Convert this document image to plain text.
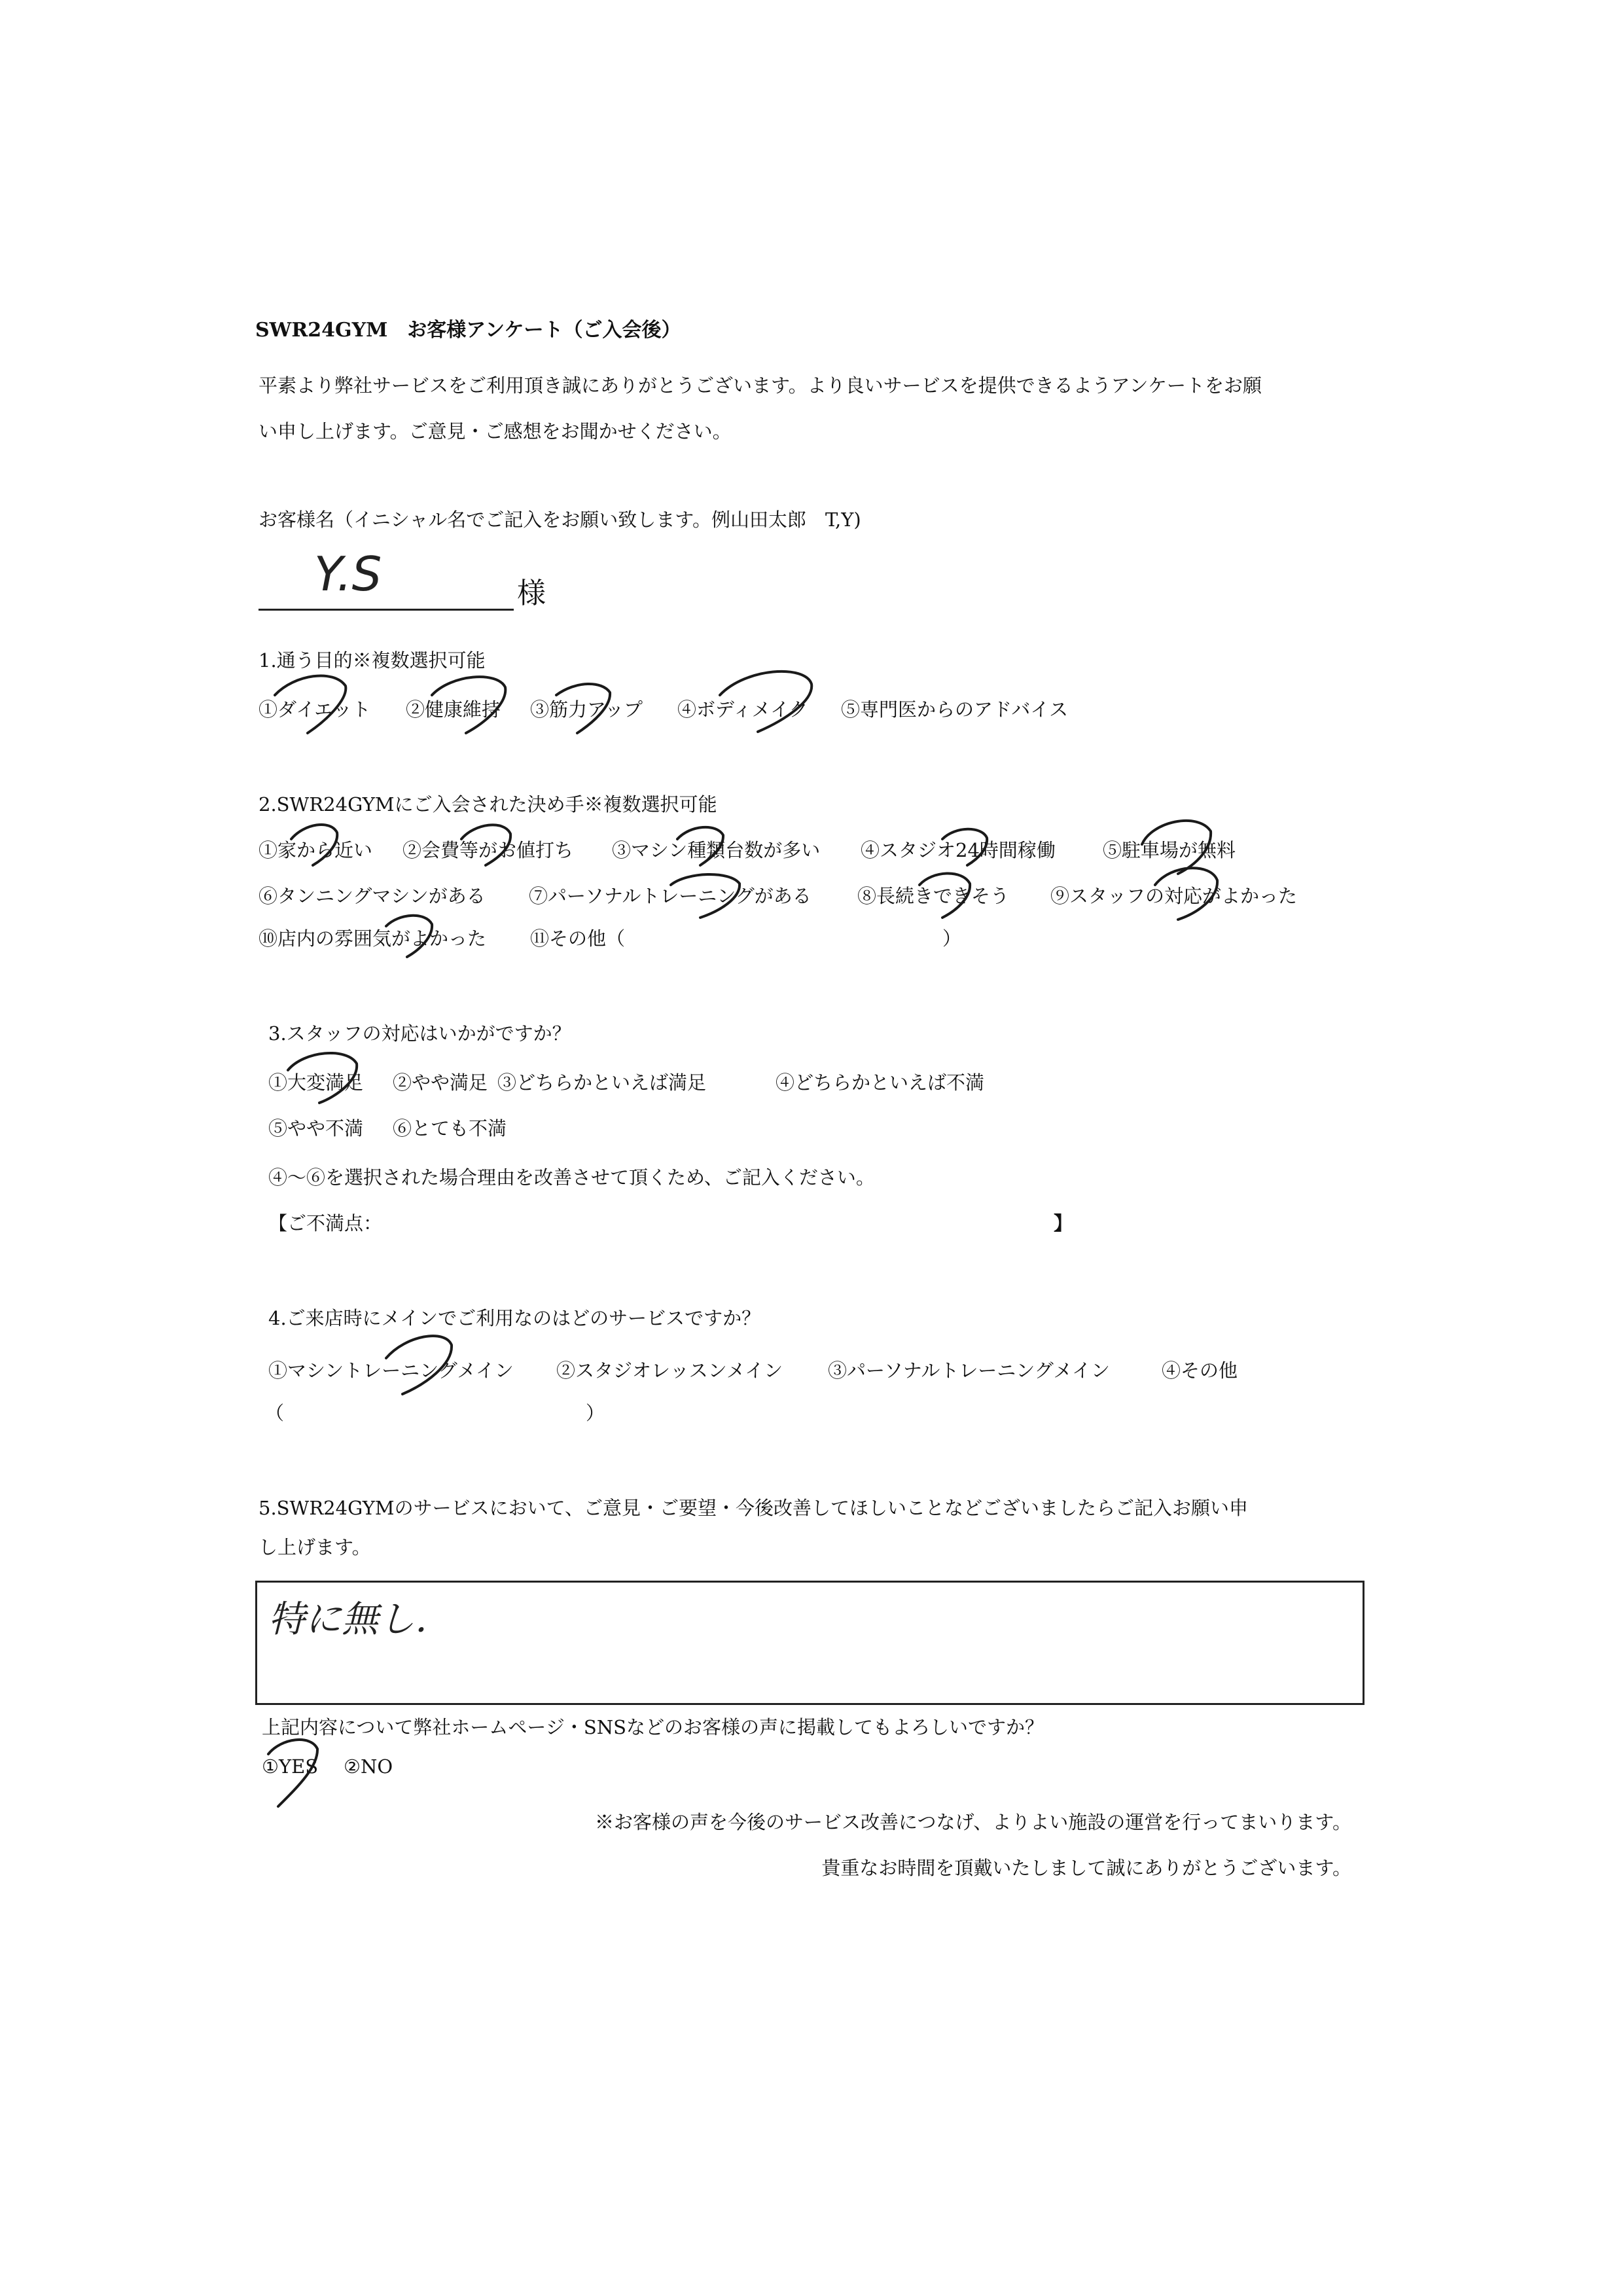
SWR24GYM　お客様アンケート（ご入会後）
平素より弊社サービスをご利用頂き誠にありがとうございます。より良いサービスを提供できるようアンケートをお願
い申し上げます。ご意見・ご感想をお聞かせください。
お客様名（イニシャル名でご記入をお願い致します。例山田太郎　T,Y)
Y.S	様
1.通う目的※複数選択可能
①ダイエット ②健康維持 ③筋力アップ ④ボディメイク ⑤専門医からのアドバイス
2.SWR24GYMにご入会された決め手※複数選択可能
①家から近い ②会費等がお値打ち ③マシン種類台数が多い ④スタジオ24時間稼働 ⑤駐車場が無料
⑥タンニングマシンがある ⑦パーソナルトレーニングがある ⑧長続きできそう ⑨スタッフの対応がよかった
⑩店内の雰囲気がよかった ⑪その他（	）
3.スタッフの対応はいかがですか？
①大変満足 ②やや満足 ③どちらかといえば満足	④どちらかといえば不満
⑤やや不満 ⑥とても不満
④～⑥を選択された場合理由を改善させて頂くため、ご記入ください。
【ご不満点：	】
4.ご来店時にメインでご利用なのはどのサービスですか？
①マシントレーニングメイン ②スタジオレッスンメイン ③パーソナルトレーニングメイン	④その他
（	）
5.SWR24GYMのサービスにおいて、ご意見・ご要望・今後改善してほしいことなどございましたらご記入お願い申
し上げます。
特に無し．
上記内容について弊社ホームページ・SNSなどのお客様の声に掲載してもよろしいですか？
①YES ②NO
※お客様の声を今後のサービス改善につなげ、よりよい施設の運営を行ってまいります。
貴重なお時間を頂戴いたしまして誠にありがとうございます。
